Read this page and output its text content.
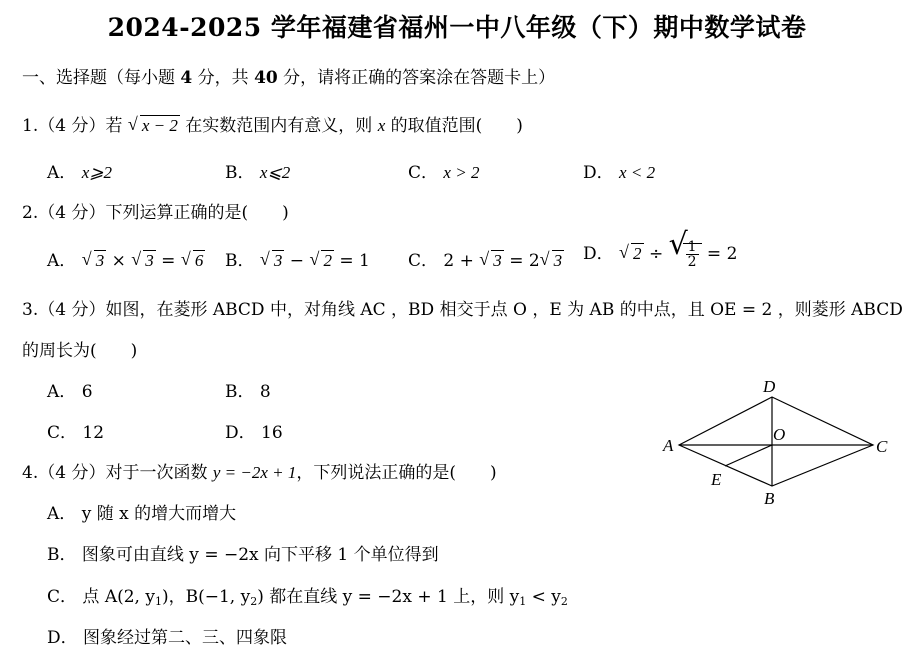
2024-2025 学年福建省福州一中八年级（下）期中数学试卷
一、选择题（每小题 4 分，共 40 分，请将正确的答案涂在答题卡上）
1.（4 分）若 √ x − 2 在实数范围内有意义，则 x 的取值范围(　　)
A． x⩾2	B． x⩽2	C． x > 2	D． x < 2
2.（4 分）下列运算正确的是(　　)
A． √ 3 × √ 3 = √ 6 B． √ 3 − √ 2 = 1 C． 2 + √ 3 = 2 √ 3 D． √ 2 ÷ √
$\frac{1}{2} = 2$
3.（4 分）如图，在菱形 ABCD 中，对角线 AC ，BD 相交于点 O ，E 为 AB 的中点，且 OE = 2 ，则菱形 ABCD
的周长为(　　)
A． 6	B． 8
C． 12	D． 16
A
D
C
B
O
E
4.（4 分）对于一次函数 y = −2x + 1，下列说法正确的是(　　)
A． y 随 x 的增大而增大
B． 图象可由直线 y = −2x 向下平移 1 个单位得到
C． 点 A(2, $y_1$)，B(−1, $y_2$) 都在直线 y = −2x + 1 上，则 $y_1 < y_2$
D． 图象经过第二、三、四象限
